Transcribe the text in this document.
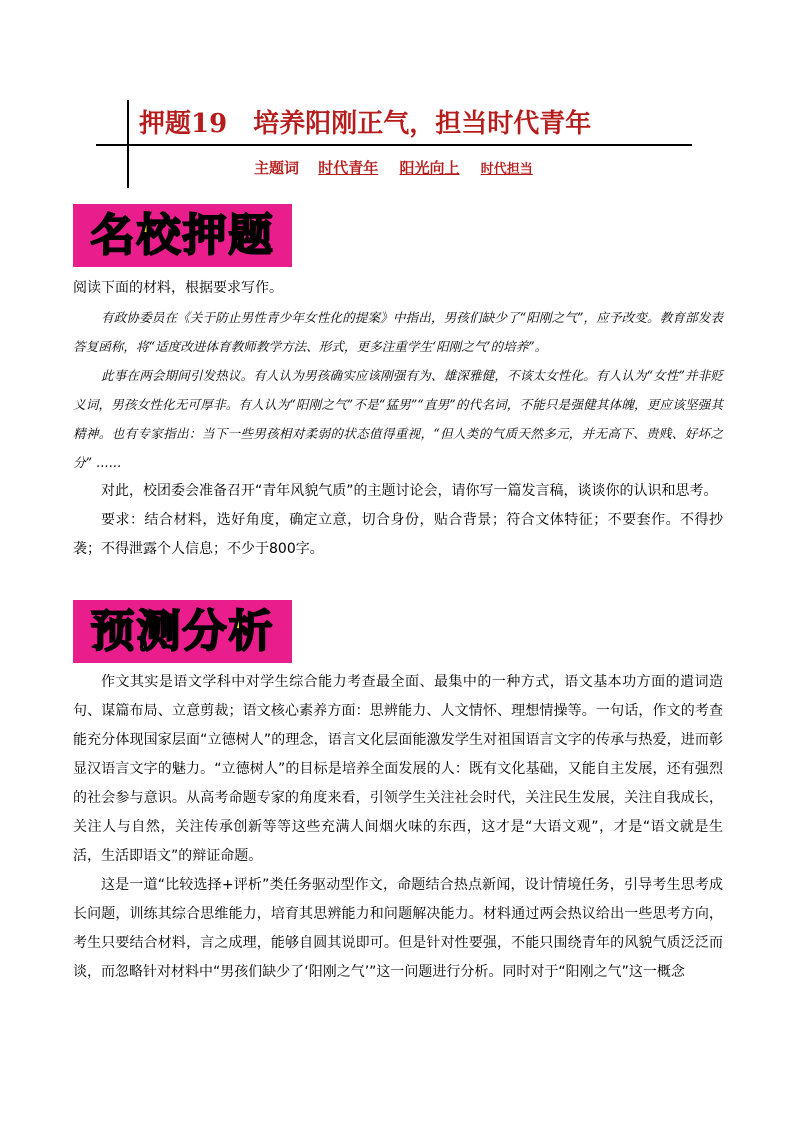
押题19 培养阳刚正气，担当时代青年
主题词 时代青年 阳光向上 时代担当
名校押题

阅读下面的材料，根据要求写作。

有政协委员在《关于防止男性青少年女性化的提案》中指出，男孩们缺少了“阳刚之气”，应予改变。教育部发表答复函称，将“适度改进体育教师教学方法、形式，更多注重学生‘阳刚之气’的培养”。

此事在两会期间引发热议。有人认为男孩确实应该刚强有为、雄深雅健，不该太女性化。有人认为“女性”并非贬义词，男孩女性化无可厚非。有人认为“阳刚之气”不是“猛男”“直男”的代名词，不能只是强健其体魄，更应该坚强其精神。也有专家指出：当下一些男孩相对柔弱的状态值得重视，“但人类的气质天然多元，并无高下、贵贱、好坏之分” ……

对此，校团委会准备召开“青年风貌气质”的主题讨论会，请你写一篇发言稿，谈谈你的认识和思考。

要求：结合材料，选好角度，确定立意，切合身份，贴合背景；符合文体特征；不要套作。不得抄袭；不得泄露个人信息；不少于800字。

预测分析

作文其实是语文学科中对学生综合能力考查最全面、最集中的一种方式，语文基本功方面的遣词造句、谋篇布局、立意剪裁；语文核心素养方面：思辨能力、人文情怀、理想情操等。一句话，作文的考查能充分体现国家层面“立德树人”的理念，语言文化层面能激发学生对祖国语言文字的传承与热爱，进而彰显汉语言文字的魅力。“立德树人”的目标是培养全面发展的人：既有文化基础，又能自主发展，还有强烈的社会参与意识。从高考命题专家的角度来看，引领学生关注社会时代，关注民生发展，关注自我成长，关注人与自然，关注传承创新等等这些充满人间烟火味的东西，这才是“大语文观”，才是“语文就是生活，生活即语文”的辩证命题。

这是一道“比较选择+评析”类任务驱动型作文，命题结合热点新闻，设计情境任务，引导考生思考成长问题，训练其综合思维能力，培育其思辨能力和问题解决能力。材料通过两会热议给出一些思考方向，考生只要结合材料，言之成理，能够自圆其说即可。但是针对性要强，不能只围绕青年的风貌气质泛泛而谈，而忽略针对材料中“男孩们缺少了‘阳刚之气’”这一问题进行分析。同时对于“阳刚之气”这一概念
